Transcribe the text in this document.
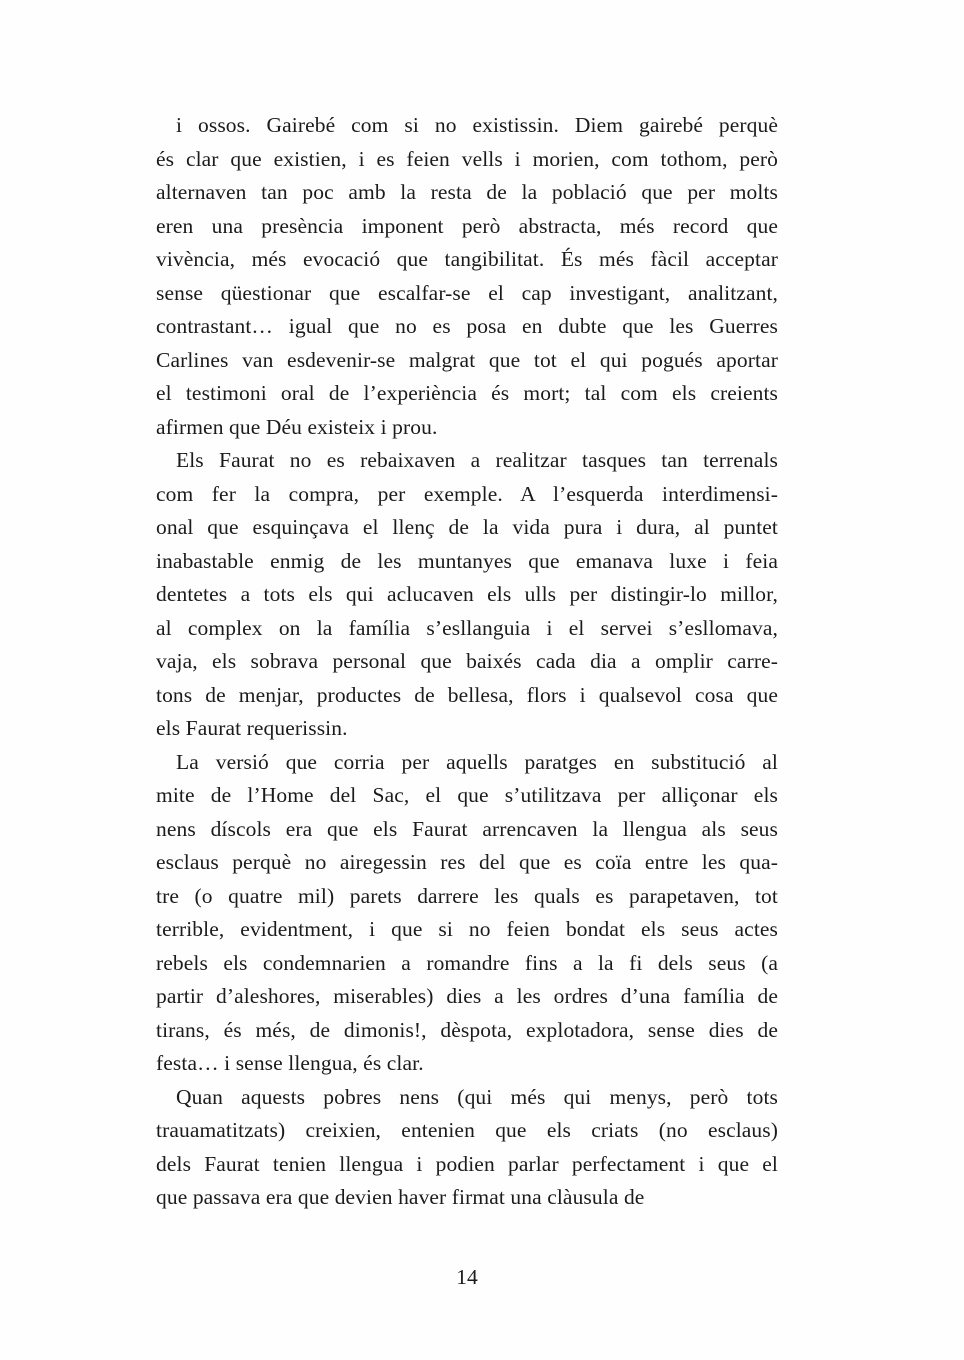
i ossos. Gairebé com si no existissin. Diem gairebé perquè
és clar que existien, i es feien vells i morien, com tothom, però
alternaven tan poc amb la resta de la població que per molts
eren una presència imponent però abstracta, més record que
vivència, més evocació que tangibilitat. És més fàcil acceptar
sense qüestionar que escalfar-se el cap investigant, analitzant,
contrastant… igual que no es posa en dubte que les Guerres
Carlines van esdevenir-se malgrat que tot el qui pogués aportar
el testimoni oral de l’experiència és mort; tal com els creients
afirmen que Déu existeix i prou.

Els Faurat no es rebaixaven a realitzar tasques tan terrenals
com fer la compra, per exemple. A l’esquerda interdimensi-
onal que esquinçava el llenç de la vida pura i dura, al puntet
inabastable enmig de les muntanyes que emanava luxe i feia
dentetes a tots els qui aclucaven els ulls per distingir-lo millor,
al complex on la família s’esllanguia i el servei s’esllomava,
vaja, els sobrava personal que baixés cada dia a omplir carre-
tons de menjar, productes de bellesa, flors i qualsevol cosa que
els Faurat requerissin.

La versió que corria per aquells paratges en substitució al
mite de l’Home del Sac, el que s’utilitzava per alliçonar els
nens díscols era que els Faurat arrencaven la llengua als seus
esclaus perquè no airegessin res del que es coïa entre les qua-
tre (o quatre mil) parets darrere les quals es parapetaven, tot
terrible, evidentment, i que si no feien bondat els seus actes
rebels els condemnarien a romandre fins a la fi dels seus (a
partir d’aleshores, miserables) dies a les ordres d’una família de
tirans, és més, de dimonis!, dèspota, explotadora, sense dies de
festa… i sense llengua, és clar.

Quan aquests pobres nens (qui més qui menys, però tots
trauamatitzats) creixien, entenien que els criats (no esclaus)
dels Faurat tenien llengua i podien parlar perfectament i que el
que passava era que devien haver firmat una clàusula de

14
